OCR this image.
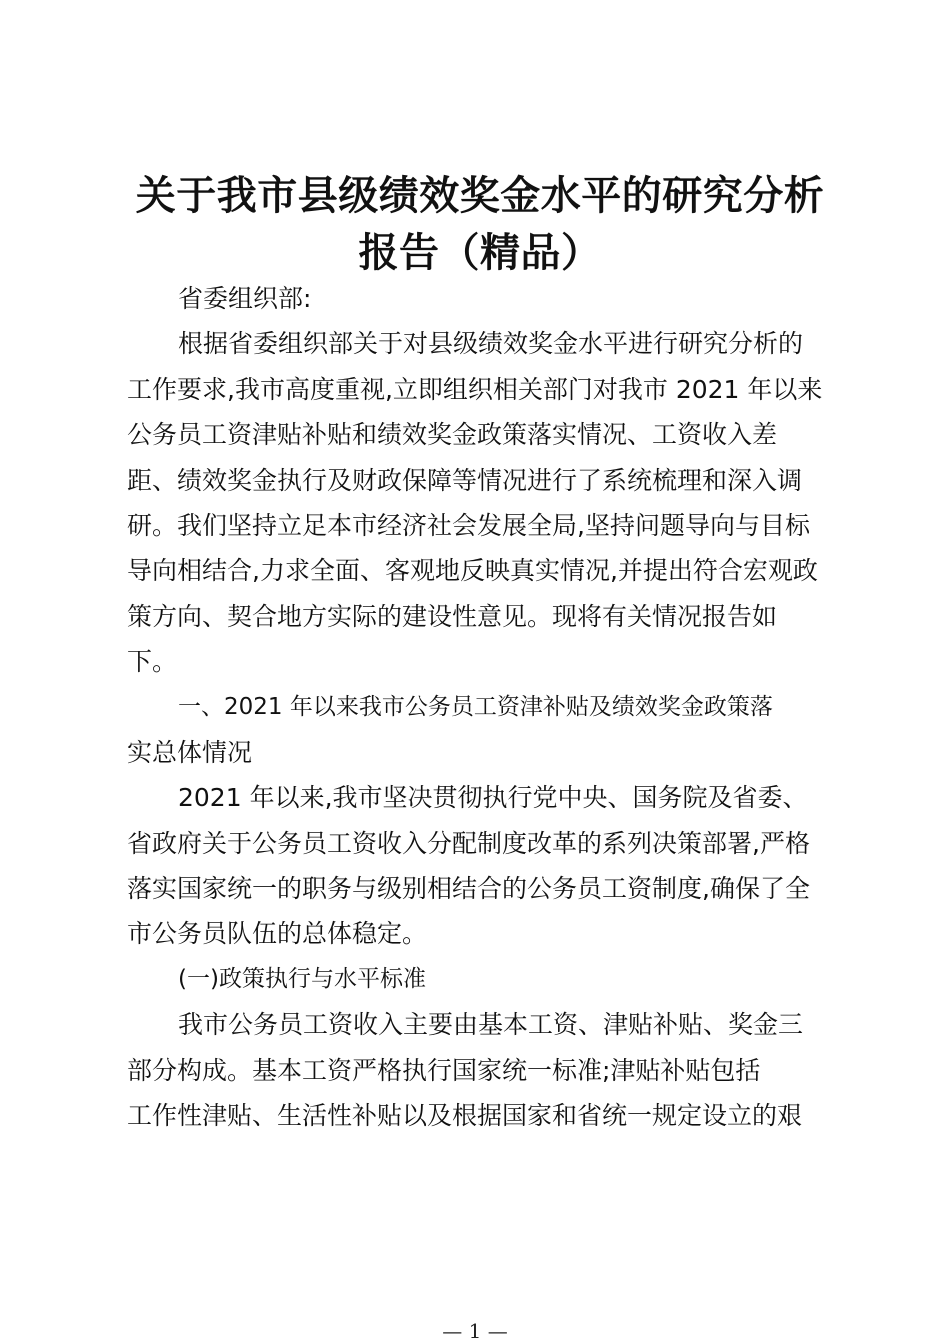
关于我市县级绩效奖金水平的研究分析
报告（精品）
省委组织部:
根据省委组织部关于对县级绩效奖金水平进行研究分析的
工作要求,我市高度重视,立即组织相关部门对我市 2021 年以来
公务员工资津贴补贴和绩效奖金政策落实情况、工资收入差
距、绩效奖金执行及财政保障等情况进行了系统梳理和深入调
研。我们坚持立足本市经济社会发展全局,坚持问题导向与目标
导向相结合,力求全面、客观地反映真实情况,并提出符合宏观政
策方向、契合地方实际的建设性意见。现将有关情况报告如
下。
一、2021 年以来我市公务员工资津补贴及绩效奖金政策落
实总体情况
2021 年以来,我市坚决贯彻执行党中央、国务院及省委、
省政府关于公务员工资收入分配制度改革的系列决策部署,严格
落实国家统一的职务与级别相结合的公务员工资制度,确保了全
市公务员队伍的总体稳定。
(一)政策执行与水平标准
我市公务员工资收入主要由基本工资、津贴补贴、奖金三
部分构成。基本工资严格执行国家统一标准;津贴补贴包括
工作性津贴、生活性补贴以及根据国家和省统一规定设立的艰
— 1 —
